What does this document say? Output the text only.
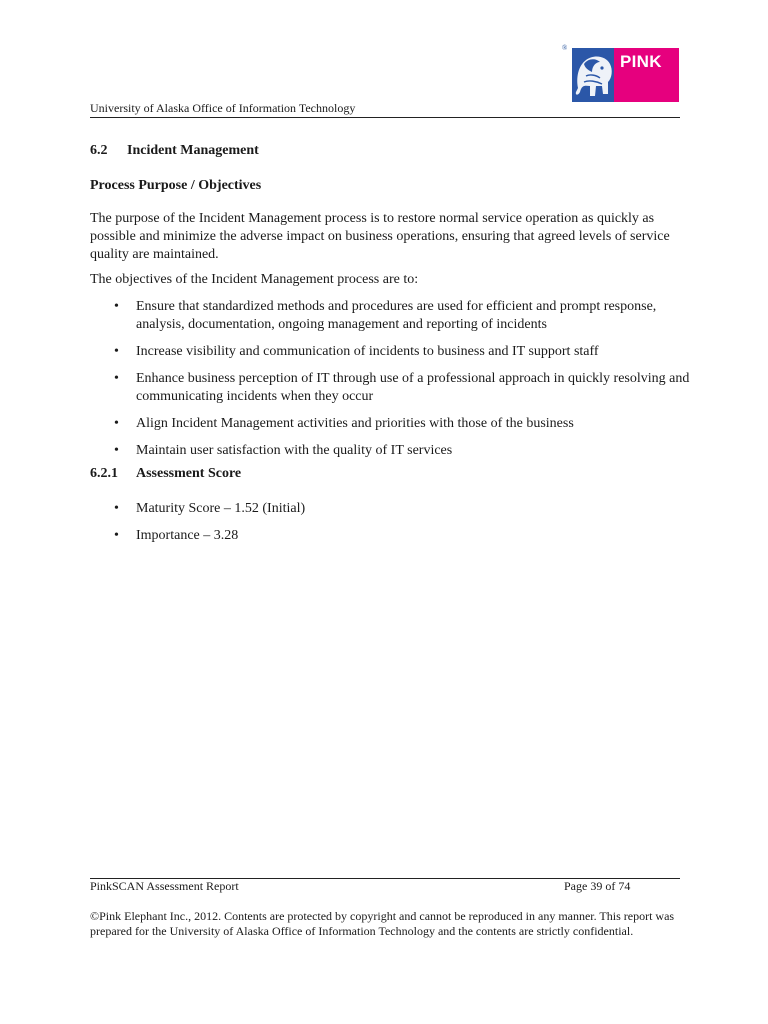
University of Alaska Office of Information Technology
®
PINK
6.2 Incident Management
Process Purpose / Objectives
The purpose of the Incident Management process is to restore normal service operation as quickly as possible and minimize the adverse impact on business operations, ensuring that agreed levels of service quality are maintained.
The objectives of the Incident Management process are to:
• Ensure that standardized methods and procedures are used for efficient and prompt response, analysis, documentation, ongoing management and reporting of incidents
• Increase visibility and communication of incidents to business and IT support staff
• Enhance business perception of IT through use of a professional approach in quickly resolving and communicating incidents when they occur
• Align Incident Management activities and priorities with those of the business
• Maintain user satisfaction with the quality of IT services
6.2.1 Assessment Score
• Maturity Score – 1.52 (Initial)
• Importance – 3.28
PinkSCAN Assessment Report	Page 39 of 74
©Pink Elephant Inc., 2012. Contents are protected by copyright and cannot be reproduced in any manner. This report was prepared for the University of Alaska Office of Information Technology and the contents are strictly confidential.
